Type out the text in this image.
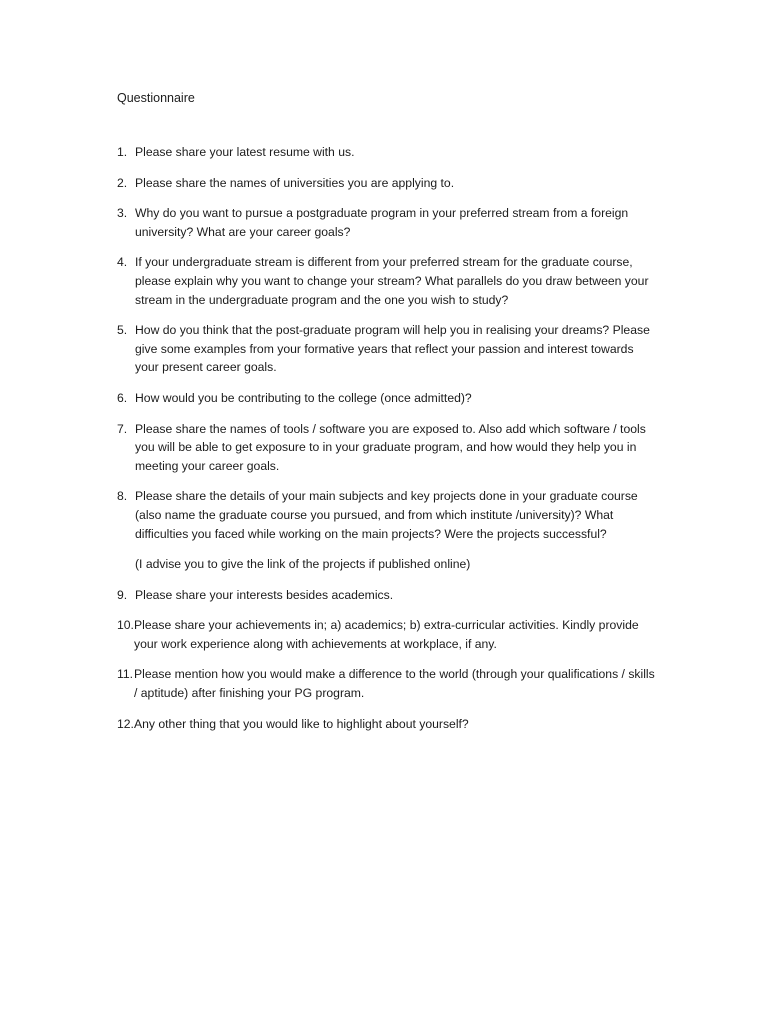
Questionnaire
1. Please share your latest resume with us.
2. Please share the names of universities you are applying to.
3. Why do you want to pursue a postgraduate program in your preferred stream from a foreign university? What are your career goals?
4. If your undergraduate stream is different from your preferred stream for the graduate course, please explain why you want to change your stream? What parallels do you draw between your stream in the undergraduate program and the one you wish to study?
5. How do you think that the post-graduate program will help you in realising your dreams? Please give some examples from your formative years that reflect your passion and interest towards your present career goals.
6. How would you be contributing to the college (once admitted)?
7. Please share the names of tools / software you are exposed to. Also add which software / tools you will be able to get exposure to in your graduate program, and how would they help you in meeting your career goals.
8. Please share the details of your main subjects and key projects done in your graduate course (also name the graduate course you pursued, and from which institute /university)? What difficulties you faced while working on the main projects? Were the projects successful?
(I advise you to give the link of the projects if published online)
9. Please share your interests besides academics.
10. Please share your achievements in; a) academics; b) extra-curricular activities. Kindly provide your work experience along with achievements at workplace, if any.
11. Please mention how you would make a difference to the world (through your qualifications / skills / aptitude) after finishing your PG program.
12. Any other thing that you would like to highlight about yourself?
